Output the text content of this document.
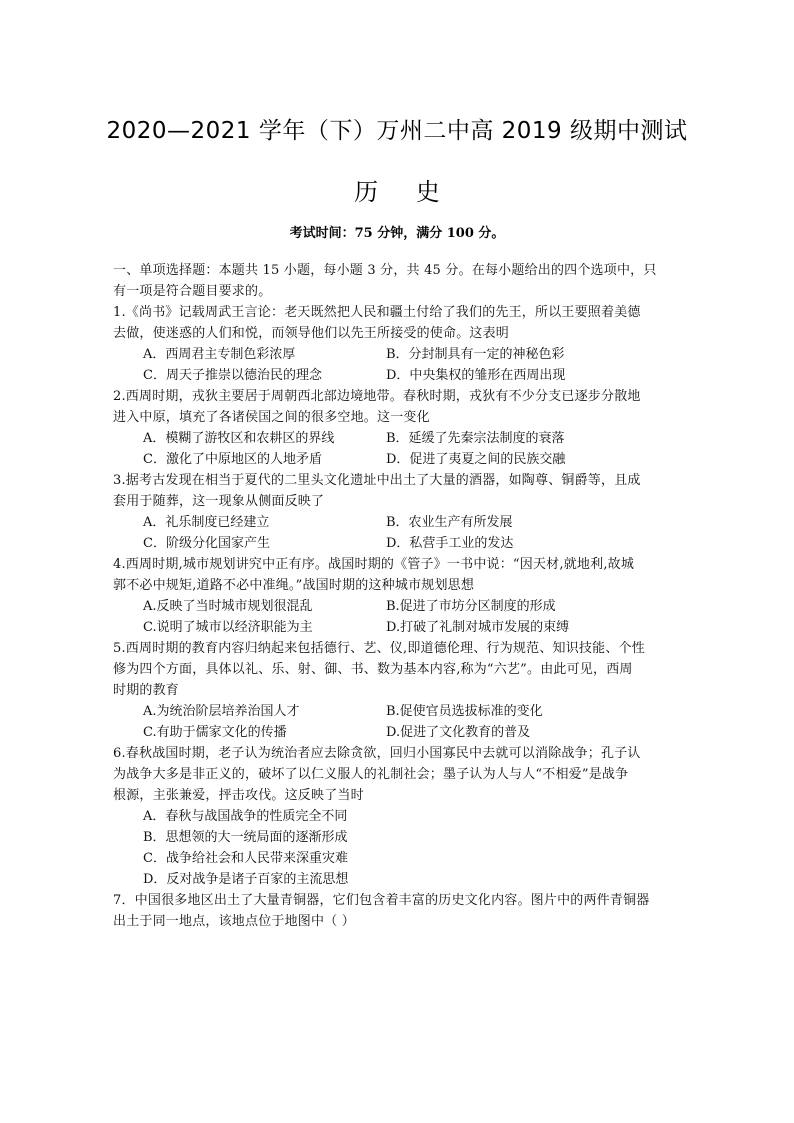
2020—2021 学年（下）万州二中高 2019 级期中测试
历 史
考试时间：75 分钟，满分 100 分。

一、单项选择题：本题共 15 小题，每小题 3 分，共 45 分。在每小题给出的四个选项中，只

有一项是符合题目要求的。

1.《尚书》记载周武王言论：老天既然把人民和疆土付给了我们的先王，所以王要照着美德

去做，使迷惑的人们和悦，而领导他们以先王所接受的使命。这表明

A．西周君主专制色彩浓厚	B．分封制具有一定的神秘色彩
C．周天子推崇以德治民的理念	D．中央集权的雏形在西周出现

2.西周时期，戎狄主要居于周朝西北部边境地带。春秋时期，戎狄有不少分支已逐步分散地

进入中原，填充了各诸侯国之间的很多空地。这一变化

A．模糊了游牧区和农耕区的界线	B．延缓了先秦宗法制度的衰落
C．激化了中原地区的人地矛盾	D．促进了夷夏之间的民族交融

3.据考古发现在相当于夏代的二里头文化遗址中出土了大量的酒器，如陶尊、铜爵等，且成

套用于随葬，这一现象从侧面反映了

A．礼乐制度已经建立	B．农业生产有所发展
C．阶级分化国家产生	D．私营手工业的发达

4.西周时期,城市规划讲究中正有序。战国时期的《管子》一书中说：“因天材,就地利,故城

郭不必中规矩,道路不必中准绳。”战国时期的这种城市规划思想

A.反映了当时城市规划很混乱	B.促进了市坊分区制度的形成
C.说明了城市以经济职能为主	D.打破了礼制对城市发展的束缚

5.西周时期的教育内容归纳起来包括德行、艺、仪,即道德伦理、行为规范、知识技能、个性

修为四个方面，具体以礼、乐、射、御、书、数为基本内容,称为“六艺”。由此可见，西周

时期的教育

A.为统治阶层培养治国人才	B.促使官员选拔标准的变化
C.有助于儒家文化的传播	D.促进了文化教育的普及

6.春秋战国时期，老子认为统治者应去除贪欲，回归小国寡民中去就可以消除战争；孔子认

为战争大多是非正义的，破坏了以仁义服人的礼制社会；墨子认为人与人“不相爱”是战争

根源，主张兼爱，抨击攻伐。这反映了当时

A．春秋与战国战争的性质完全不同
B．思想领的大一统局面的逐渐形成
C．战争给社会和人民带来深重灾难
D．反对战争是诸子百家的主流思想

7．中国很多地区出土了大量青铜器，它们包含着丰富的历史文化内容。图片中的两件青铜器

出土于同一地点，该地点位于地图中（ ）
